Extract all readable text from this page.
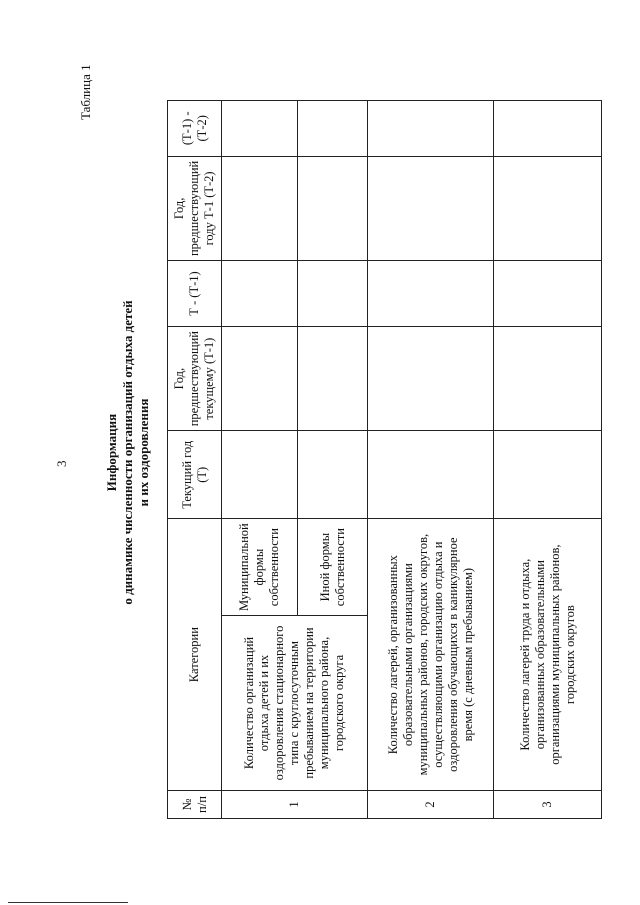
3
Таблица 1
Информация о динамике численности организаций отдыха детей и их оздоровления
№ п/п	Категории		Текущий год (Т)	Год, предшествующий текущему (Т-1)	Т - (Т-1)	Год, предшествующий году Т-1 (Т-2)	(Т-1) - (Т-2)
1	Количество организаций отдыха детей и их оздоровления стационарного типа с круглосуточным пребыванием на территории муниципального района, городского округа	Муниципальной формы собственности					
		Иной формы собственности					
2	Количество лагерей, организованных образовательными организациями муниципальных районов, городских округов, осуществляющими организацию отдыха и оздоровления обучающихся в каникулярное время (с дневным пребыванием)						
3	Количество лагерей труда и отдыха, организованных образовательными организациями муниципальных районов, городских округов						
